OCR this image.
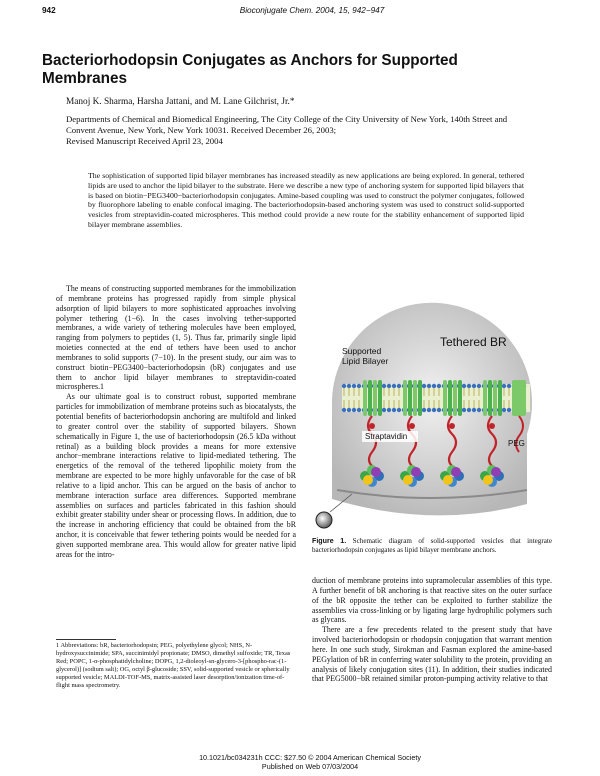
942	Bioconjugate Chem. 2004, 15, 942−947
Bacteriorhodopsin Conjugates as Anchors for Supported Membranes
Manoj K. Sharma, Harsha Jattani, and M. Lane Gilchrist, Jr.*
Departments of Chemical and Biomedical Engineering, The City College of the City University of New York, 140th Street and Convent Avenue, New York, New York 10031. Received December 26, 2003;
Revised Manuscript Received April 23, 2004
The sophistication of supported lipid bilayer membranes has increased steadily as new applications are being explored. In general, tethered lipids are used to anchor the lipid bilayer to the substrate. Here we describe a new type of anchoring system for supported lipid bilayers that is based on biotin−PEG3400−bacteriorhodopsin conjugates. Amine-based coupling was used to construct the polymer conjugates, followed by fluorophore labeling to enable confocal imaging. The bacteriorhodopsin-based anchoring system was used to construct solid-supported vesicles from streptavidin-coated microspheres. This method could provide a new route for the stability enhancement of supported lipid bilayer membrane assemblies.

The means of constructing supported membranes for the immobilization of membrane proteins has progressed rapidly from simple physical adsorption of lipid bilayers to more sophisticated approaches involving polymer tethering (1−6). In the cases involving tether-supported membranes, a wide variety of tethering molecules have been employed, ranging from polymers to peptides (1, 5). Thus far, primarily single lipid moieties connected at the end of tethers have been used to anchor membranes to solid supports (7−10). In the present study, our aim was to construct biotin−PEG3400−bacteriorhodopsin (bR) conjugates and use them to anchor lipid bilayer membranes to streptavidin-coated microspheres.1

As our ultimate goal is to construct robust, supported membrane particles for immobilization of membrane proteins such as biocatalysts, the potential benefits of bacteriorhodopsin anchoring are multifold and linked to greater control over the stability of supported bilayers. Shown schematically in Figure 1, the use of bacteriorhodopsin (26.5 kDa without retinal) as a building block provides a means for more extensive anchor−membrane interactions relative to lipid-mediated tethering. The energetics of the removal of the tethered lipophilic moiety from the membrane are expected to be more highly unfavorable for the case of bR relative to a lipid anchor. This can be argued on the basis of anchor to membrane interaction surface area differences. Supported membrane assemblies on surfaces and particles fabricated in this fashion should exhibit greater stability under shear or processing flows. In addition, due to the increase in anchoring efficiency that could be obtained from the bR anchor, it is conceivable that fewer tethering points would be needed for a given supported membrane area. This would allow for greater native lipid areas for the intro-

1 Abbreviations: bR, bacteriorhodopsin; PEG, polyethylene glycol; NHS, N-hydroxysuccinimide; SPA, succinimidyl propionate; DMSO, dimethyl sulfoxide; TR, Texas Red; POPC, 1-α-phosphatidylcholine; DOPG, 1,2-dioleoyl-sn-glycero-3-[phospho-rac-(1-glycerol)] (sodium salt); OG, octyl β-glucoside; SSV, solid-supported vesicle or spherically supported vesicle; MALDI-TOF-MS, matrix-assisted laser desorption/ionization time-of-flight mass spectrometry.
Supported
Lipid Bilayer
Tethered BR
Straptavidin
PEG
Figure 1. Schematic diagram of solid-supported vesicles that integrate bacteriorhodopsin conjugates as lipid bilayer membrane anchors.

duction of membrane proteins into supramolecular assemblies of this type. A further benefit of bR anchoring is that reactive sites on the outer surface of the bR opposite the tether can be exploited to further stabilize the assemblies via cross-linking or by ligating large hydrophilic polymers such as glycans.

There are a few precedents related to the present study that have involved bacteriorhodopsin or rhodopsin conjugation that warrant mention here. In one such study, Sirokman and Fasman explored the amine-based PEGylation of bR in conferring water solubility to the protein, providing an analysis of likely conjugation sites (11). In addition, their studies indicated that PEG5000−bR retained similar proton-pumping activity relative to that

10.1021/bc034231h CCC: $27.50 © 2004 American Chemical Society
Published on Web 07/03/2004
